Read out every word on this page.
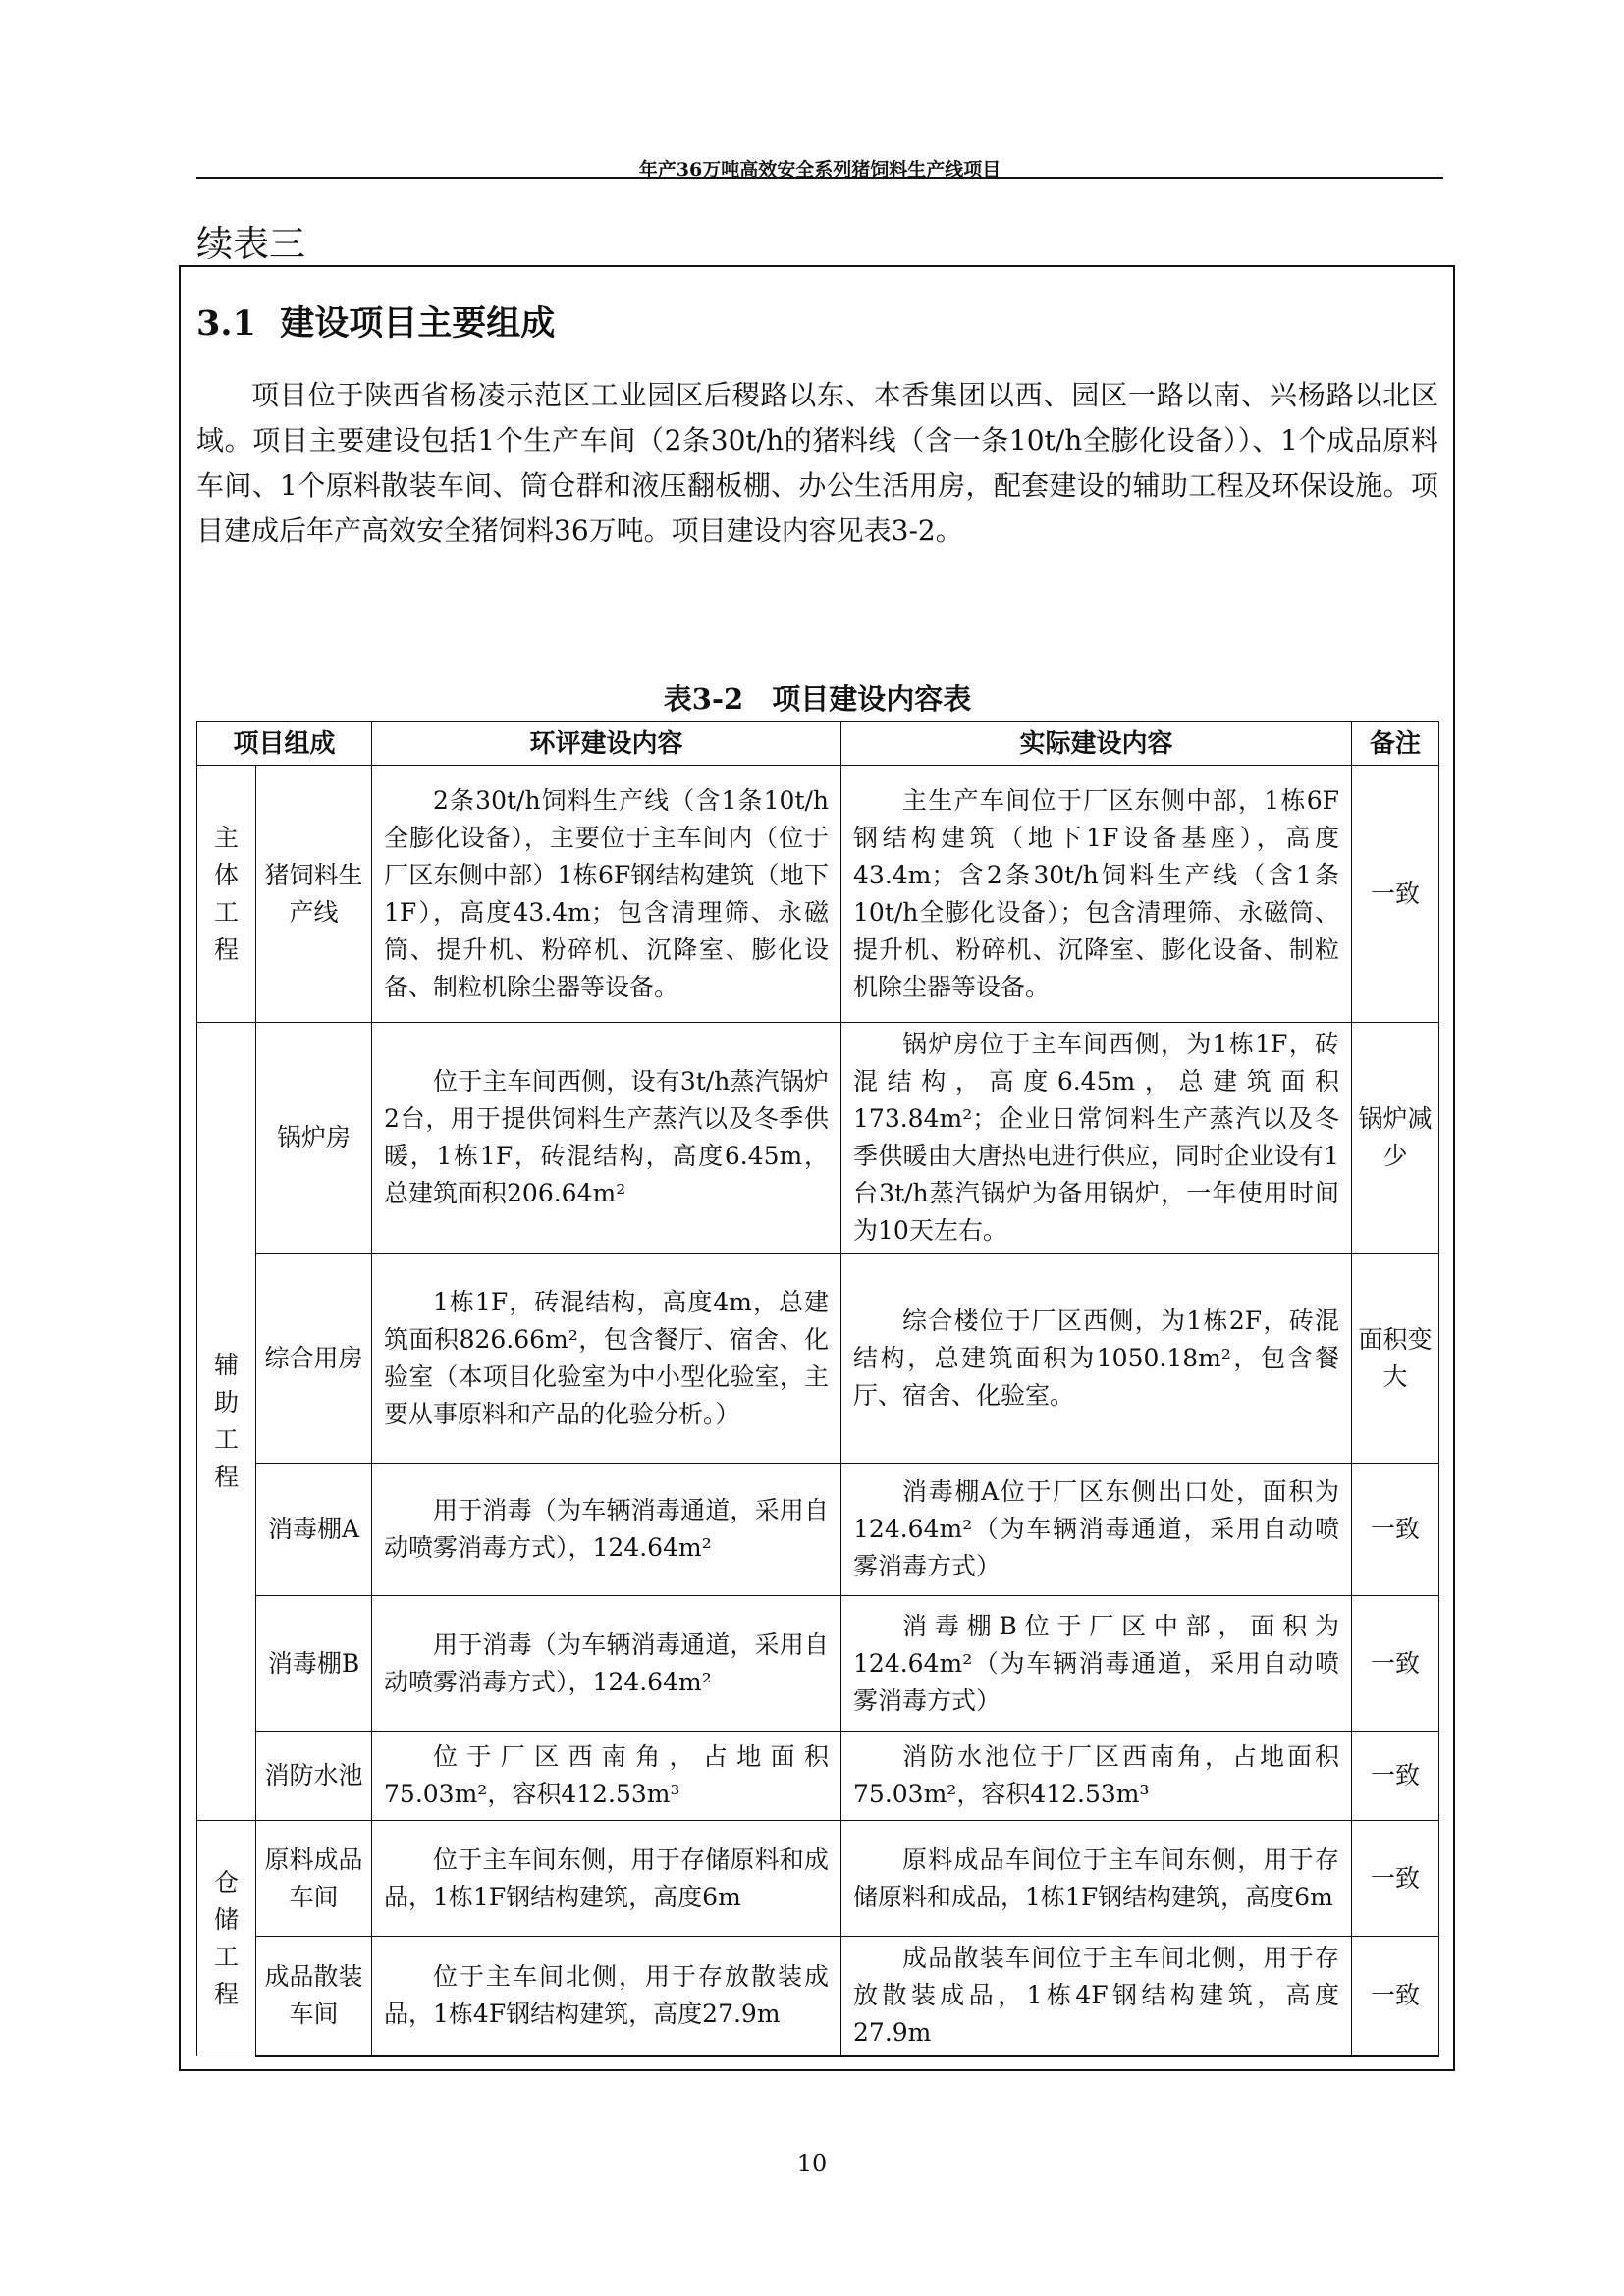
年产36万吨高效安全系列猪饲料生产线项目
续表三
3.1 建设项目主要组成
项目位于陕西省杨凌示范区工业园区后稷路以东、本香集团以西、园区一路以南、兴杨路以北区域。项目主要建设包括1个生产车间（2条30t/h的猪料线（含一条10t/h全膨化设备））、1个成品原料车间、1个原料散装车间、筒仓群和液压翻板棚、办公生活用房，配套建设的辅助工程及环保设施。项目建成后年产高效安全猪饲料36万吨。项目建设内容见表3-2。
表3-2　项目建设内容表
项目组成		环评建设内容	实际建设内容	备注
主体工程	猪饲料生产线	2条30t/h饲料生产线（含1条10t/h全膨化设备），主要位于主车间内（位于厂区东侧中部）1栋6F钢结构建筑（地下1F），高度43.4m；包含清理筛、永磁筒、提升机、粉碎机、沉降室、膨化设备、制粒机除尘器等设备。	主生产车间位于厂区东侧中部，1栋6F钢结构建筑（地下1F设备基座），高度43.4m；含2条30t/h饲料生产线（含1条10t/h全膨化设备）；包含清理筛、永磁筒、提升机、粉碎机、沉降室、膨化设备、制粒机除尘器等设备。	一致
辅助工程	锅炉房	位于主车间西侧，设有3t/h蒸汽锅炉2台，用于提供饲料生产蒸汽以及冬季供暖，1栋1F，砖混结构，高度6.45m，总建筑面积206.64m²	锅炉房位于主车间西侧，为1栋1F，砖混结构，高度6.45m，总建筑面积173.84m²；企业日常饲料生产蒸汽以及冬季供暖由大唐热电进行供应，同时企业设有1台3t/h蒸汽锅炉为备用锅炉，一年使用时间为10天左右。	锅炉减少
	综合用房	1栋1F，砖混结构，高度4m，总建筑面积826.66m²，包含餐厅、宿舍、化验室（本项目化验室为中小型化验室，主要从事原料和产品的化验分析。）	综合楼位于厂区西侧，为1栋2F，砖混结构，总建筑面积为1050.18m²，包含餐厅、宿舍、化验室。	面积变大
	消毒棚A	用于消毒（为车辆消毒通道，采用自动喷雾消毒方式），124.64m²	消毒棚A位于厂区东侧出口处，面积为124.64m²（为车辆消毒通道，采用自动喷雾消毒方式）	一致
	消毒棚B	用于消毒（为车辆消毒通道，采用自动喷雾消毒方式），124.64m²	消毒棚B位于厂区中部，面积为124.64m²（为车辆消毒通道，采用自动喷雾消毒方式）	一致
	消防水池	位于厂区西南角，占地面积75.03m²，容积412.53m³	消防水池位于厂区西南角，占地面积75.03m²，容积412.53m³	一致
仓储工程	原料成品车间	位于主车间东侧，用于存储原料和成品，1栋1F钢结构建筑，高度6m	原料成品车间位于主车间东侧，用于存储原料和成品，1栋1F钢结构建筑，高度6m	一致
	成品散装车间	位于主车间北侧，用于存放散装成品，1栋4F钢结构建筑，高度27.9m	成品散装车间位于主车间北侧，用于存放散装成品，1栋4F钢结构建筑，高度27.9m	一致
10
